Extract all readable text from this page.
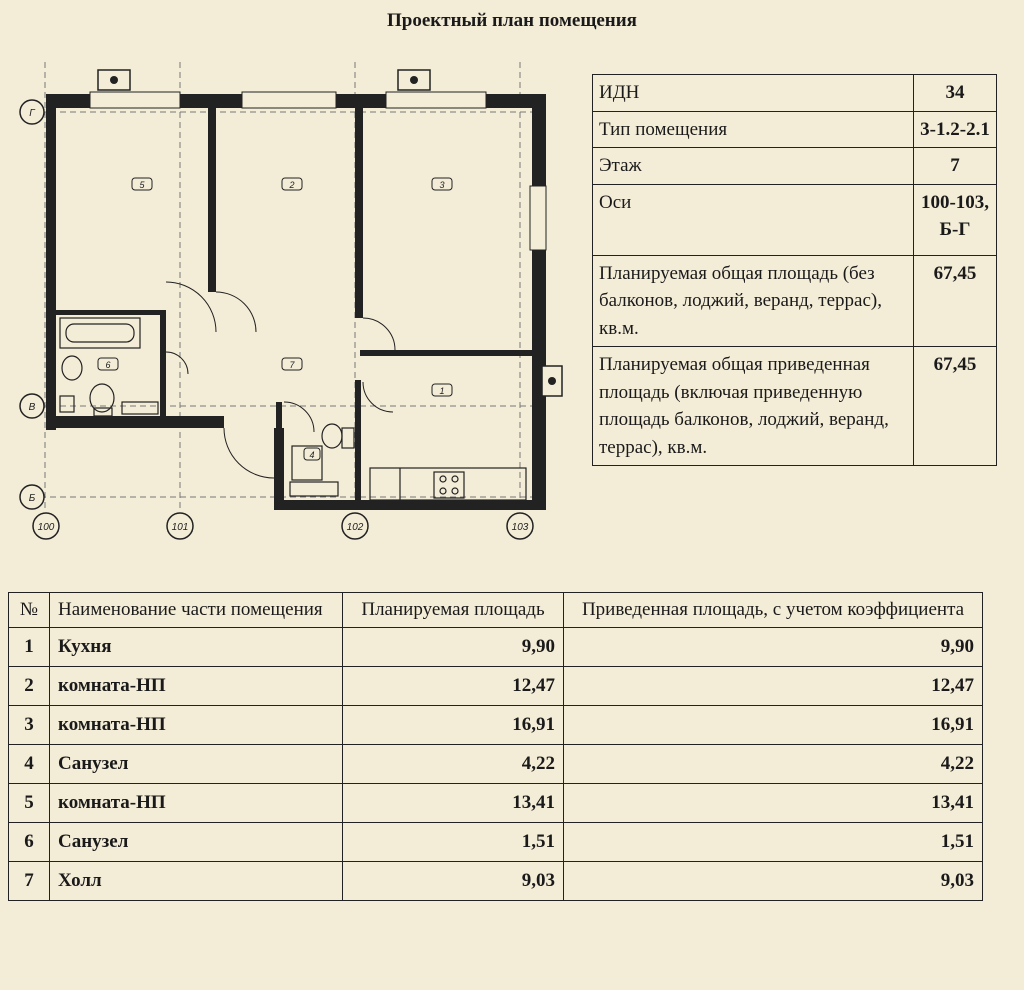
Проектный план помещения
100	101	102	103
Г
В
Б
5	2	3
6	7
1
4
ИДН	34
Тип помещения	3-1.2-2.1
Этаж	7
Оси	100-103, Б-Г
Планируемая общая площадь (без балконов, лоджий, веранд, террас), кв.м.	67,45
Планируемая общая приведенная площадь (включая приведенную площадь балконов, лоджий, веранд, террас), кв.м.	67,45
№	Наименование части помещения	Планируемая площадь	Приведенная площадь, с учетом коэффициента
1	Кухня	9,90	9,90
2	комната-НП	12,47	12,47
3	комната-НП	16,91	16,91
4	Санузел	4,22	4,22
5	комната-НП	13,41	13,41
6	Санузел	1,51	1,51
7	Холл	9,03	9,03
